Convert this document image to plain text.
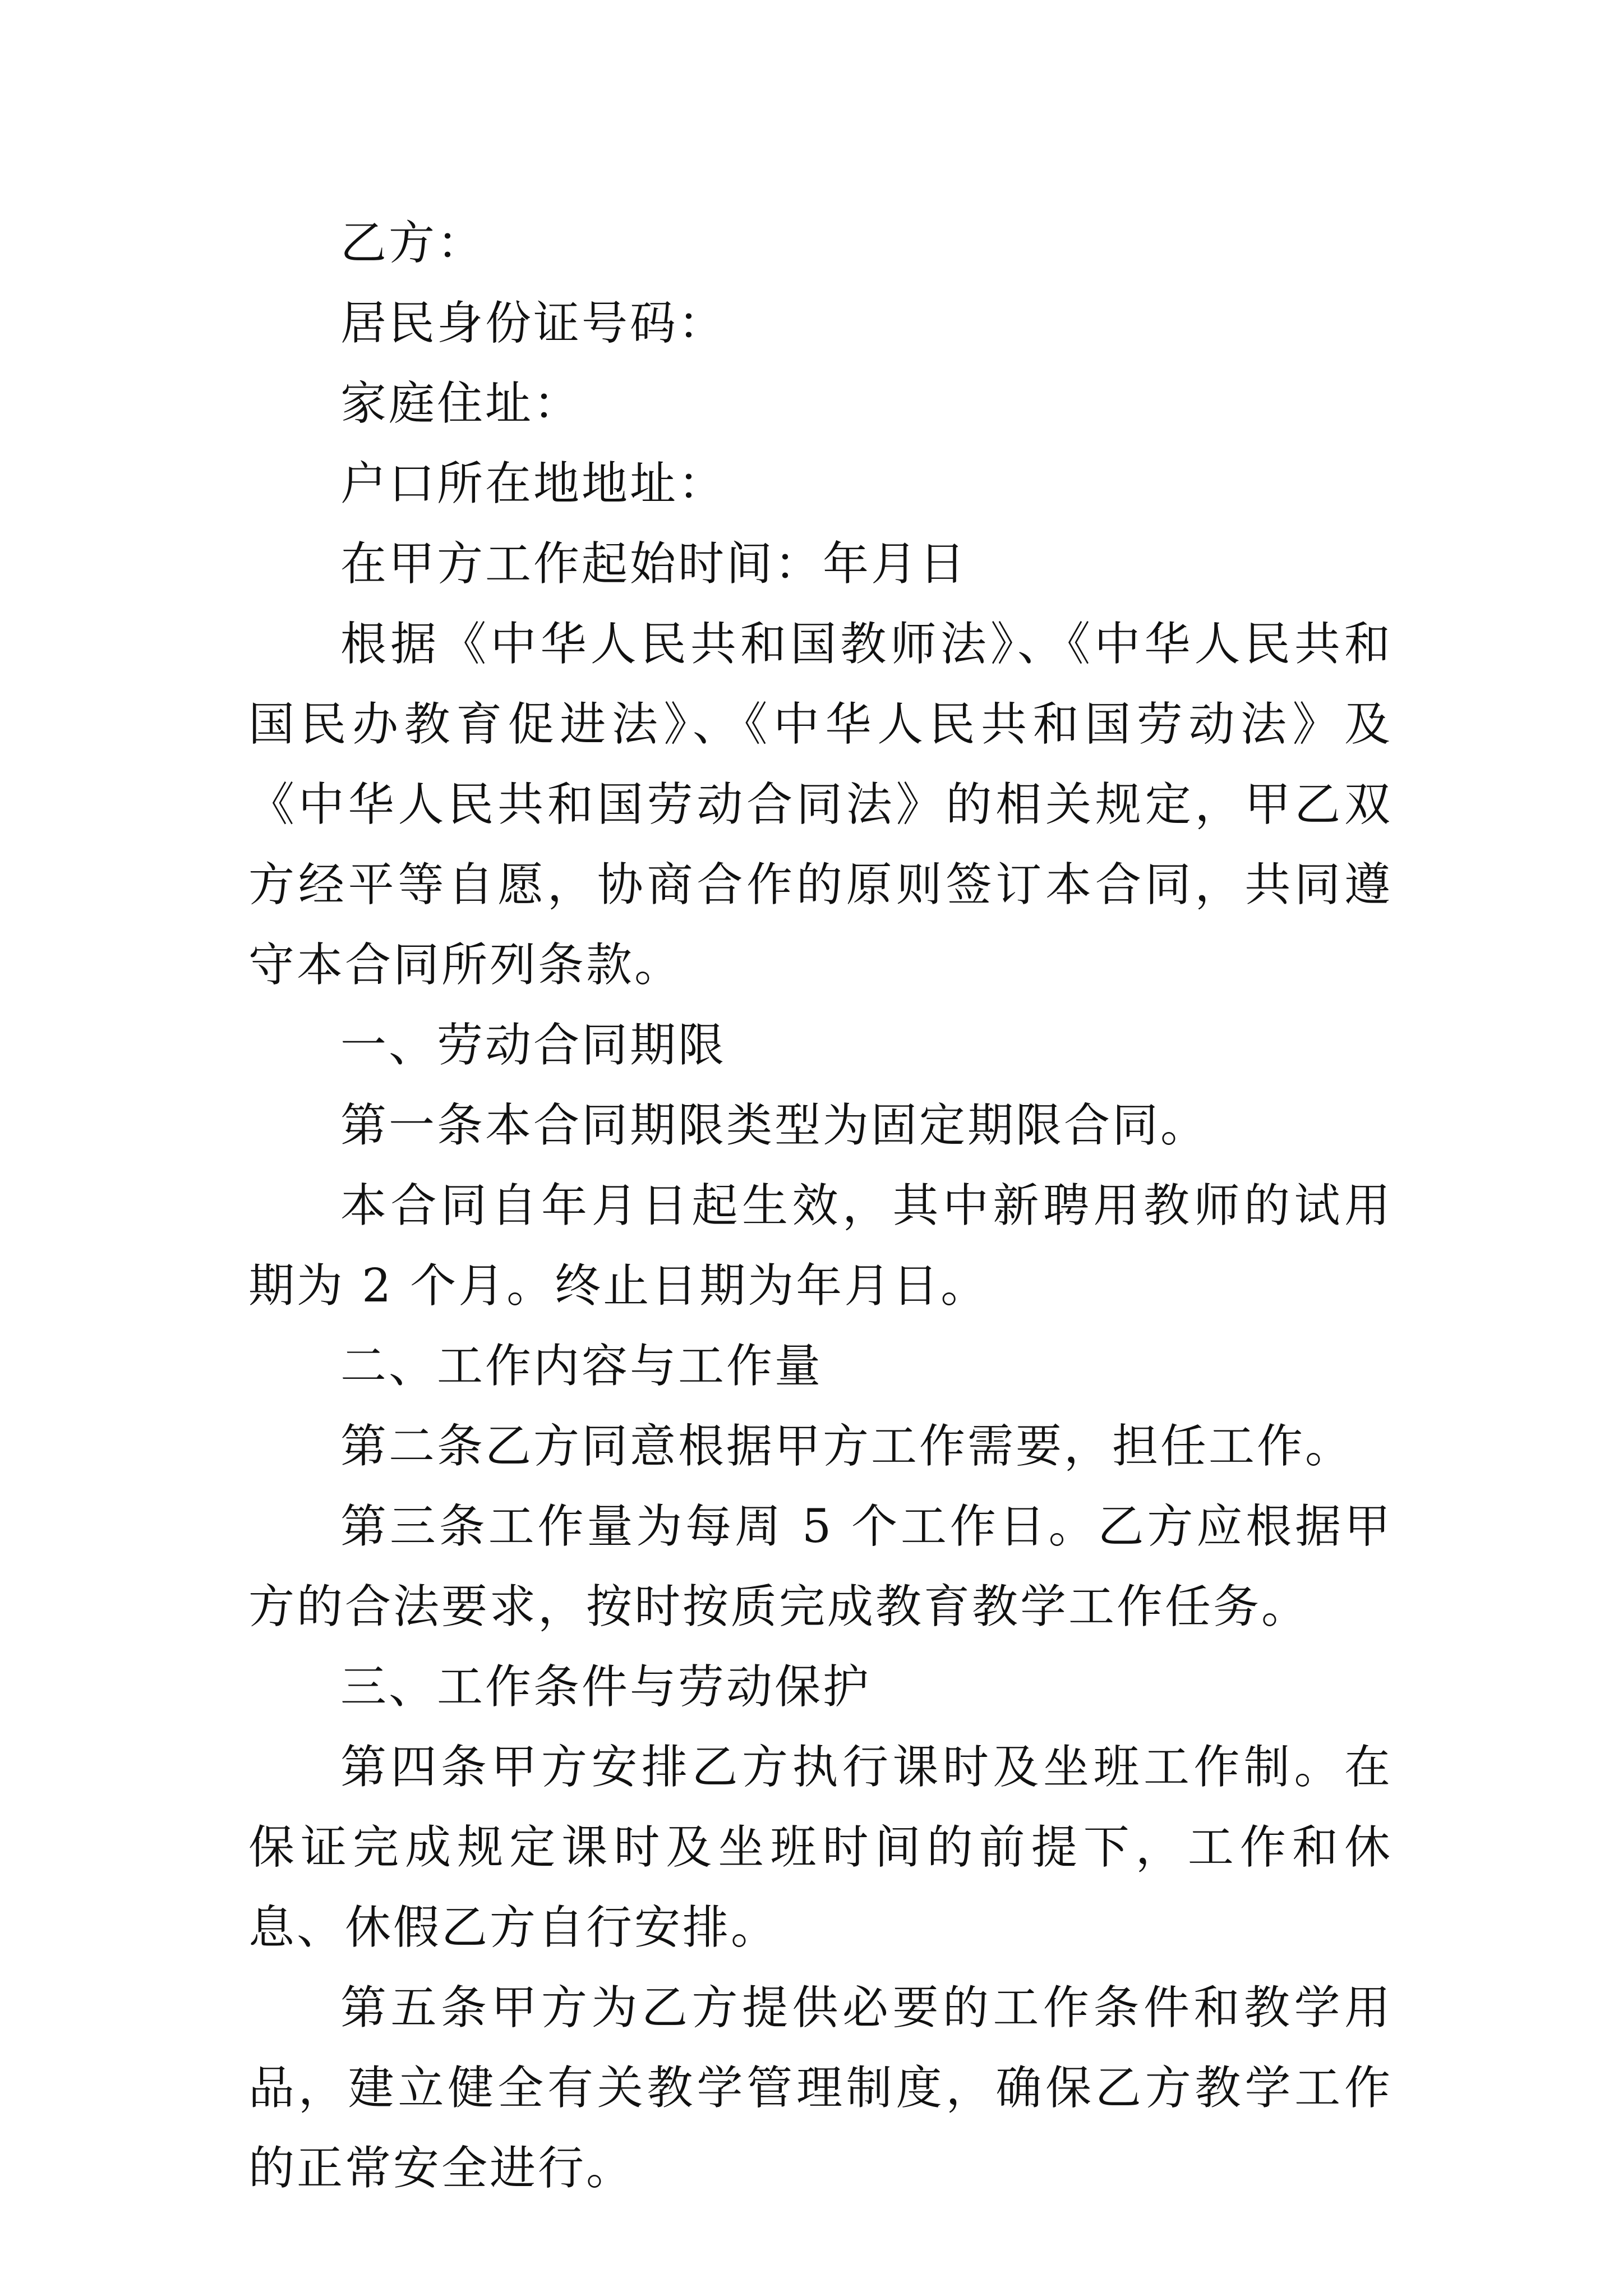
乙方：

居民身份证号码：

家庭住址：

户口所在地地址：

在甲方工作起始时间：年月日

根据《中华人民共和国教师法》、《中华人民共和国民办教育促进法》、《中华人民共和国劳动法》及《中华人民共和国劳动合同法》的相关规定，甲乙双方经平等自愿，协商合作的原则签订本合同，共同遵守本合同所列条款。

一、劳动合同期限

第一条本合同期限类型为固定期限合同。

本合同自年月日起生效，其中新聘用教师的试用期为 2 个月。终止日期为年月日。

二、工作内容与工作量

第二条乙方同意根据甲方工作需要，担任工作。

第三条工作量为每周 5 个工作日。乙方应根据甲方的合法要求，按时按质完成教育教学工作任务。

三、工作条件与劳动保护

第四条甲方安排乙方执行课时及坐班工作制。在保证完成规定课时及坐班时间的前提下，工作和休息、休假乙方自行安排。

第五条甲方为乙方提供必要的工作条件和教学用品，建立健全有关教学管理制度，确保乙方教学工作的正常安全进行。
